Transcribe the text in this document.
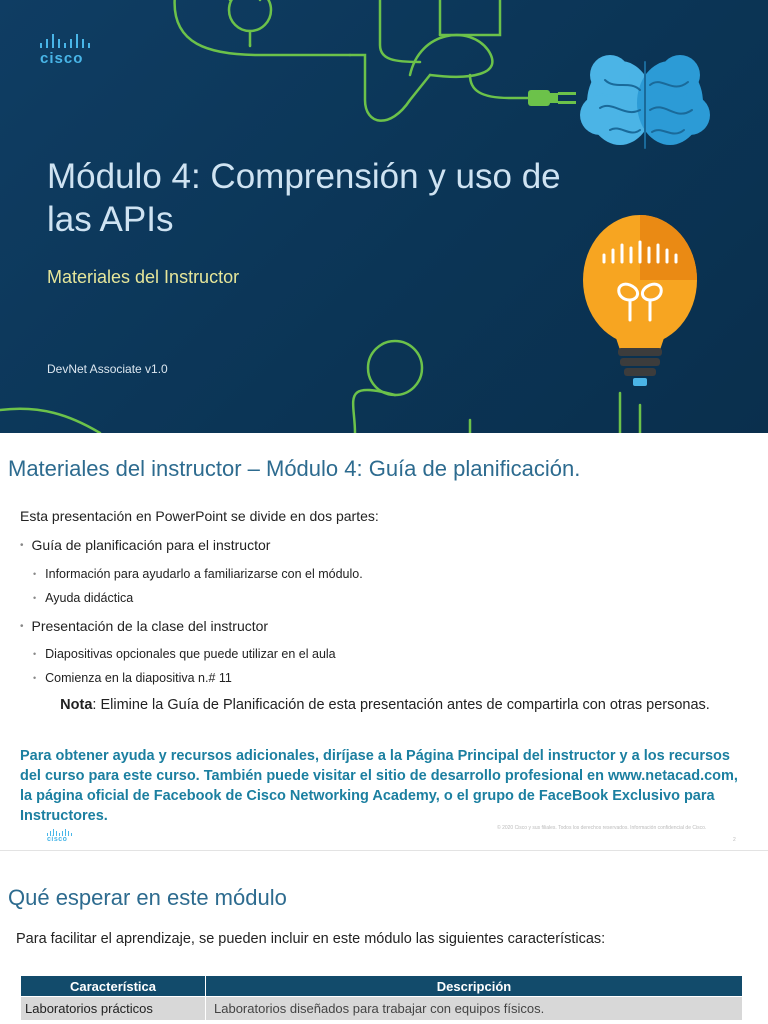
cisco
Módulo 4: Comprensión y uso de las APIs
Materiales del Instructor
DevNet Associate v1.0
Materiales del instructor – Módulo 4: Guía de planificación.
Esta presentación en PowerPoint se divide en dos partes:
• Guía de planificación para el instructor
• Información para ayudarlo a familiarizarse con el módulo.
• Ayuda didáctica
• Presentación de la clase del instructor
• Diapositivas opcionales que puede utilizar en el aula
• Comienza en la diapositiva n.# 11
Nota: Elimine la Guía de Planificación de esta presentación antes de compartirla con otras personas.
Para obtener ayuda y recursos adicionales, diríjase a la Página Principal del instructor y a los recursos del curso para este curso. También puede visitar el sitio de desarrollo profesional en www.netacad.com, la página oficial de Facebook de Cisco Networking Academy, o el grupo de FaceBook Exclusivo para Instructores.
cisco
© 2020 Cisco y sus filiales. Todos los derechos reservados. Información confidencial de Cisco.
2
Qué esperar en este módulo
Para facilitar el aprendizaje, se pueden incluir en este módulo las siguientes características:
Característica	Descripción
Laboratorios prácticos	Laboratorios diseñados para trabajar con equipos físicos.
